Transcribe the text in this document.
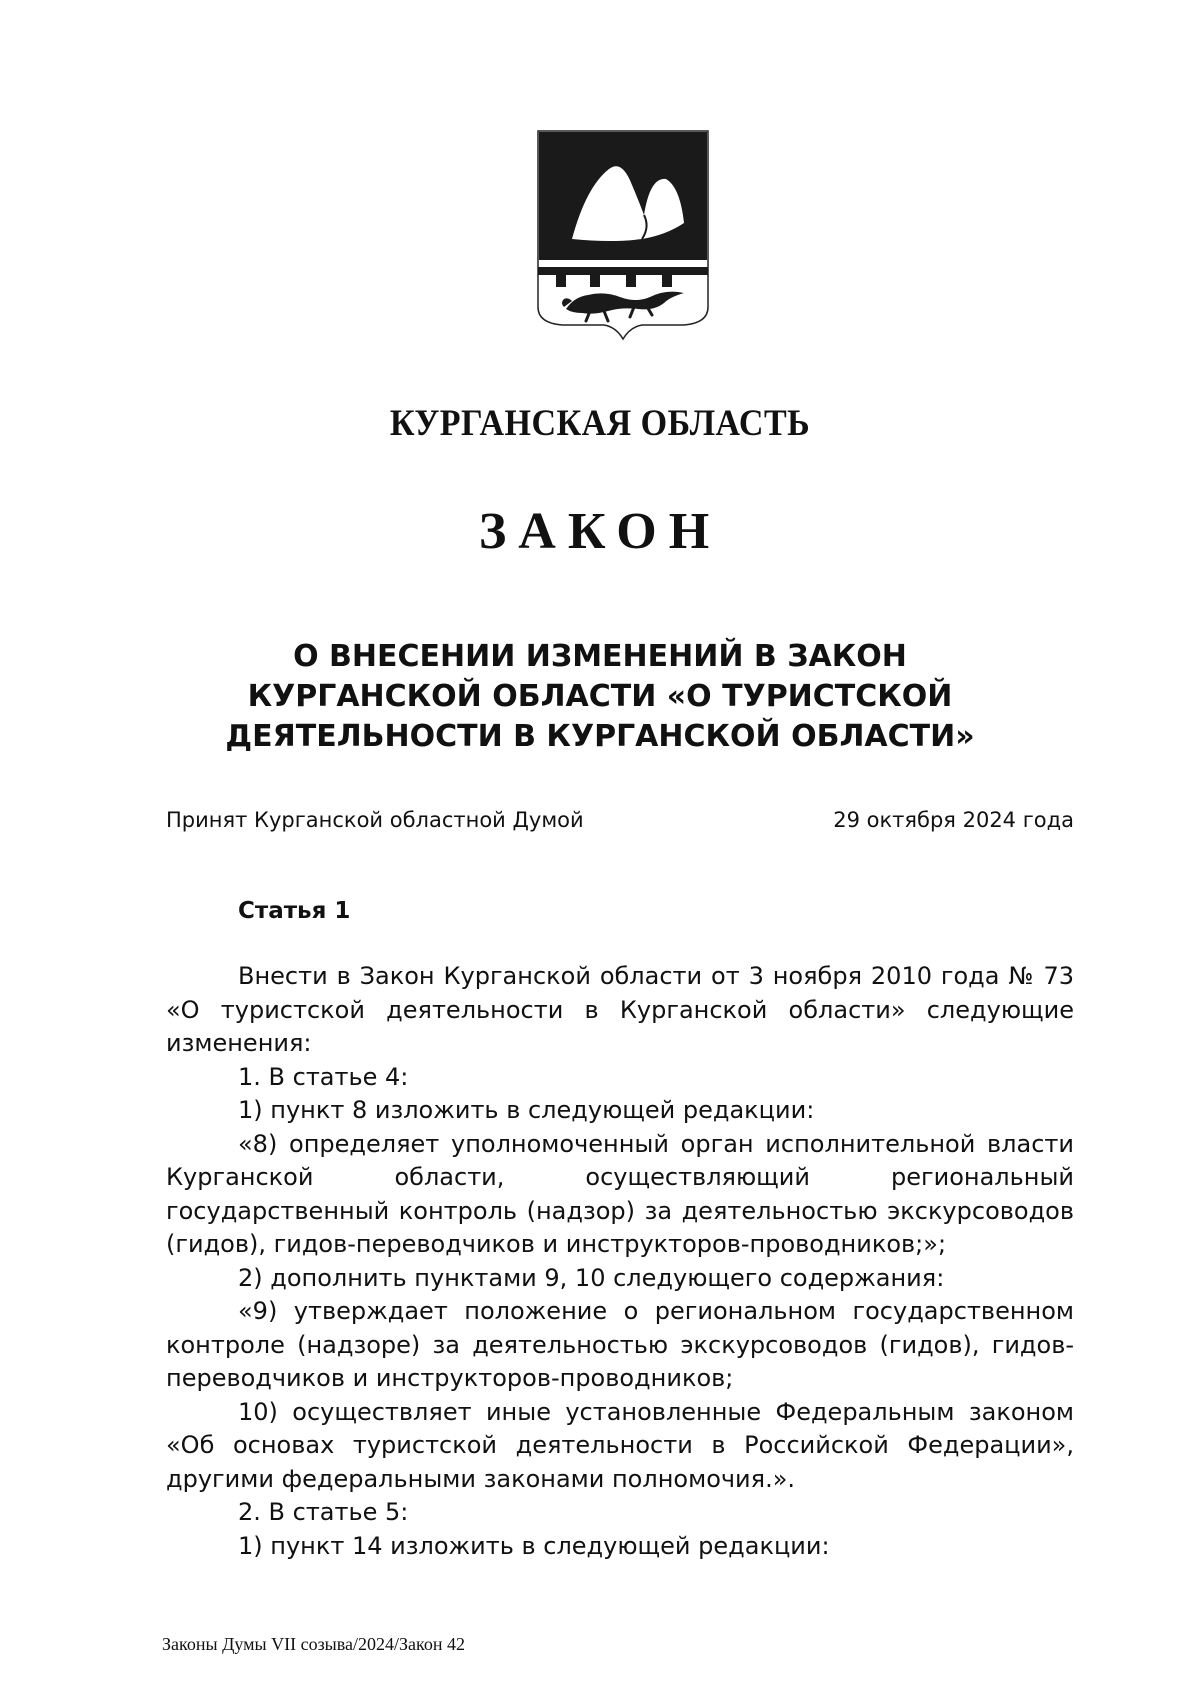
КУРГАНСКАЯ ОБЛАСТЬ
ЗАКОН
О ВНЕСЕНИИ ИЗМЕНЕНИЙ В ЗАКОН
КУРГАНСКОЙ ОБЛАСТИ «О ТУРИСТСКОЙ
ДЕЯТЕЛЬНОСТИ В КУРГАНСКОЙ ОБЛАСТИ»
Принят Курганской областной Думой	29 октября 2024 года
Статья 1

Внести в Закон Курганской области от 3 ноября 2010 года № 73 «О туристской деятельности в Курганской области» следующие изменения:

1. В статье 4:

1) пункт 8 изложить в следующей редакции:

«8) определяет уполномоченный орган исполнительной власти Курганской области, осуществляющий региональный государственный контроль (надзор) за деятельностью экскурсоводов (гидов), гидов-переводчиков и инструкторов-проводников;»;

2) дополнить пунктами 9, 10 следующего содержания:

«9) утверждает положение о региональном государственном контроле (надзоре) за деятельностью экскурсоводов (гидов), гидов-переводчиков и инструкторов-проводников;

10) осуществляет иные установленные Федеральным законом «Об основах туристской деятельности в Российской Федерации», другими федеральными законами полномочия.».

2. В статье 5:

1) пункт 14 изложить в следующей редакции:

Законы Думы VII созыва/2024/Закон 42
